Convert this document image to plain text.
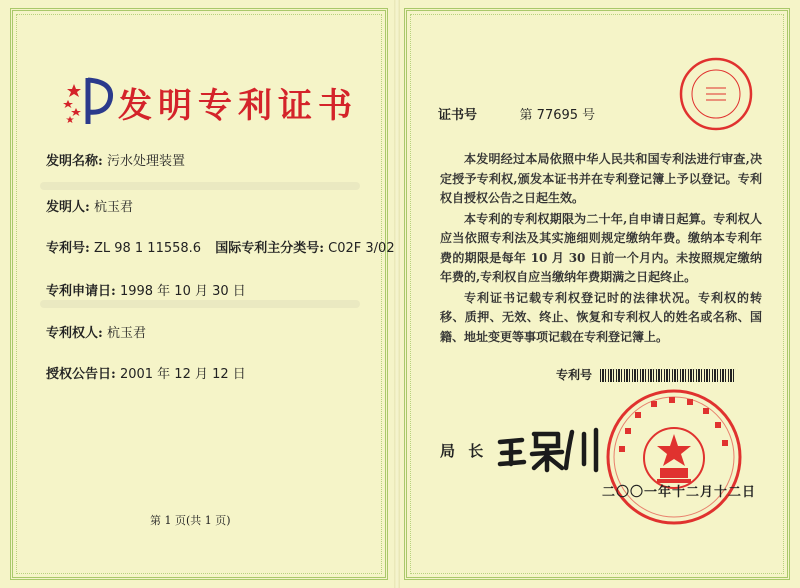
发明专利证书
发明名称: 污水处理装置
发明人: 杭玉君
专利号: ZL 98 1 11558.6 国际专利主分类号: C02F 3/02
专利申请日: 1998 年 10 月 30 日
专利权人: 杭玉君
授权公告日: 2001 年 12 月 12 日
第 1 页(共 1 页)
证书号	第 77695 号

本发明经过本局依照中华人民共和国专利法进行审查,决定授予专利权,颁发本证书并在专利登记簿上予以登记。专利权自授权公告之日起生效。

本专利的专利权期限为二十年,自申请日起算。专利权人应当依照专利法及其实施细则规定缴纳年费。缴纳本专利年费的期限是每年 10 月 30 日前一个月内。未按照规定缴纳年费的,专利权自应当缴纳年费期满之日起终止。

专利证书记载专利权登记时的法律状况。专利权的转移、质押、无效、终止、恢复和专利权人的姓名或名称、国籍、地址变更等事项记载在专利登记簿上。

专利号
局 长
二〇〇一年十二月十二日
